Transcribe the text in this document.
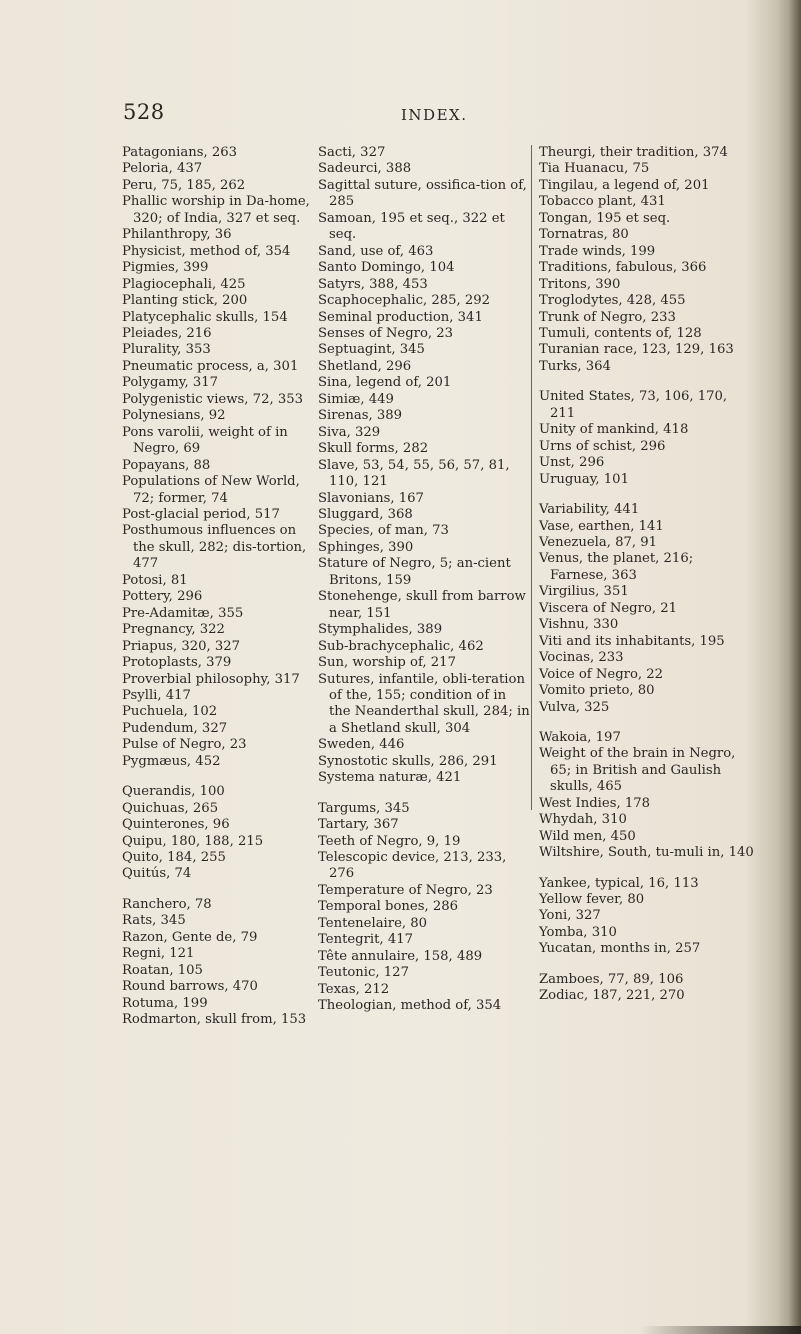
528	INDEX.
Patagonians, 263
Peloria, 437
Peru, 75, 185, 262
Phallic worship in Da-home, 320; of India, 327 et seq.
Philanthropy, 36
Physicist, method of, 354
Pigmies, 399
Plagiocephali, 425
Planting stick, 200
Platycephalic skulls, 154
Pleiades, 216
Plurality, 353
Pneumatic process, a, 301
Polygamy, 317
Polygenistic views, 72, 353
Polynesians, 92
Pons varolii, weight of in Negro, 69
Popayans, 88
Populations of New World, 72; former, 74
Post-glacial period, 517
Posthumous influences on the skull, 282; dis-tortion, 477
Potosi, 81
Pottery, 296
Pre-Adamitæ, 355
Pregnancy, 322
Priapus, 320, 327
Protoplasts, 379
Proverbial philosophy, 317
Psylli, 417
Puchuela, 102
Pudendum, 327
Pulse of Negro, 23
Pygmæus, 452
Querandis, 100
Quichuas, 265
Quinterones, 96
Quipu, 180, 188, 215
Quito, 184, 255
Quitús, 74
Ranchero, 78
Rats, 345
Razon, Gente de, 79
Regni, 121
Roatan, 105
Round barrows, 470
Rotuma, 199
Rodmarton, skull from, 153
Sacti, 327
Sadeurci, 388
Sagittal suture, ossifica-tion of, 285
Samoan, 195 et seq., 322 et seq.
Sand, use of, 463
Santo Domingo, 104
Satyrs, 388, 453
Scaphocephalic, 285, 292
Seminal production, 341
Senses of Negro, 23
Septuagint, 345
Shetland, 296
Sina, legend of, 201
Simiæ, 449
Sirenas, 389
Siva, 329
Skull forms, 282
Slave, 53, 54, 55, 56, 57, 81, 110, 121
Slavonians, 167
Sluggard, 368
Species, of man, 73
Sphinges, 390
Stature of Negro, 5; an-cient Britons, 159
Stonehenge, skull from barrow near, 151
Stymphalides, 389
Sub-brachycephalic, 462
Sun, worship of, 217
Sutures, infantile, obli-teration of the, 155; condition of in the Neanderthal skull, 284; in a Shetland skull, 304
Sweden, 446
Synostotic skulls, 286, 291
Systema naturæ, 421
Targums, 345
Tartary, 367
Teeth of Negro, 9, 19
Telescopic device, 213, 233, 276
Temperature of Negro, 23
Temporal bones, 286
Tentenelaire, 80
Tentegrit, 417
Tête annulaire, 158, 489
Teutonic, 127
Texas, 212
Theologian, method of, 354
Theurgi, their tradition, 374
Tia Huanacu, 75
Tingilau, a legend of, 201
Tobacco plant, 431
Tongan, 195 et seq.
Tornatras, 80
Trade winds, 199
Traditions, fabulous, 366
Tritons, 390
Troglodytes, 428, 455
Trunk of Negro, 233
Tumuli, contents of, 128
Turanian race, 123, 129, 163
Turks, 364
United States, 73, 106, 170, 211
Unity of mankind, 418
Urns of schist, 296
Unst, 296
Uruguay, 101
Variability, 441
Vase, earthen, 141
Venezuela, 87, 91
Venus, the planet, 216; Farnese, 363
Virgilius, 351
Viscera of Negro, 21
Vishnu, 330
Viti and its inhabitants, 195
Vocinas, 233
Voice of Negro, 22
Vomito prieto, 80
Vulva, 325
Wakoia, 197
Weight of the brain in Negro, 65; in British and Gaulish skulls, 465
West Indies, 178
Whydah, 310
Wild men, 450
Wiltshire, South, tu-muli in, 140
Yankee, typical, 16, 113
Yellow fever, 80
Yoni, 327
Yomba, 310
Yucatan, months in, 257
Zamboes, 77, 89, 106
Zodiac, 187, 221, 270
